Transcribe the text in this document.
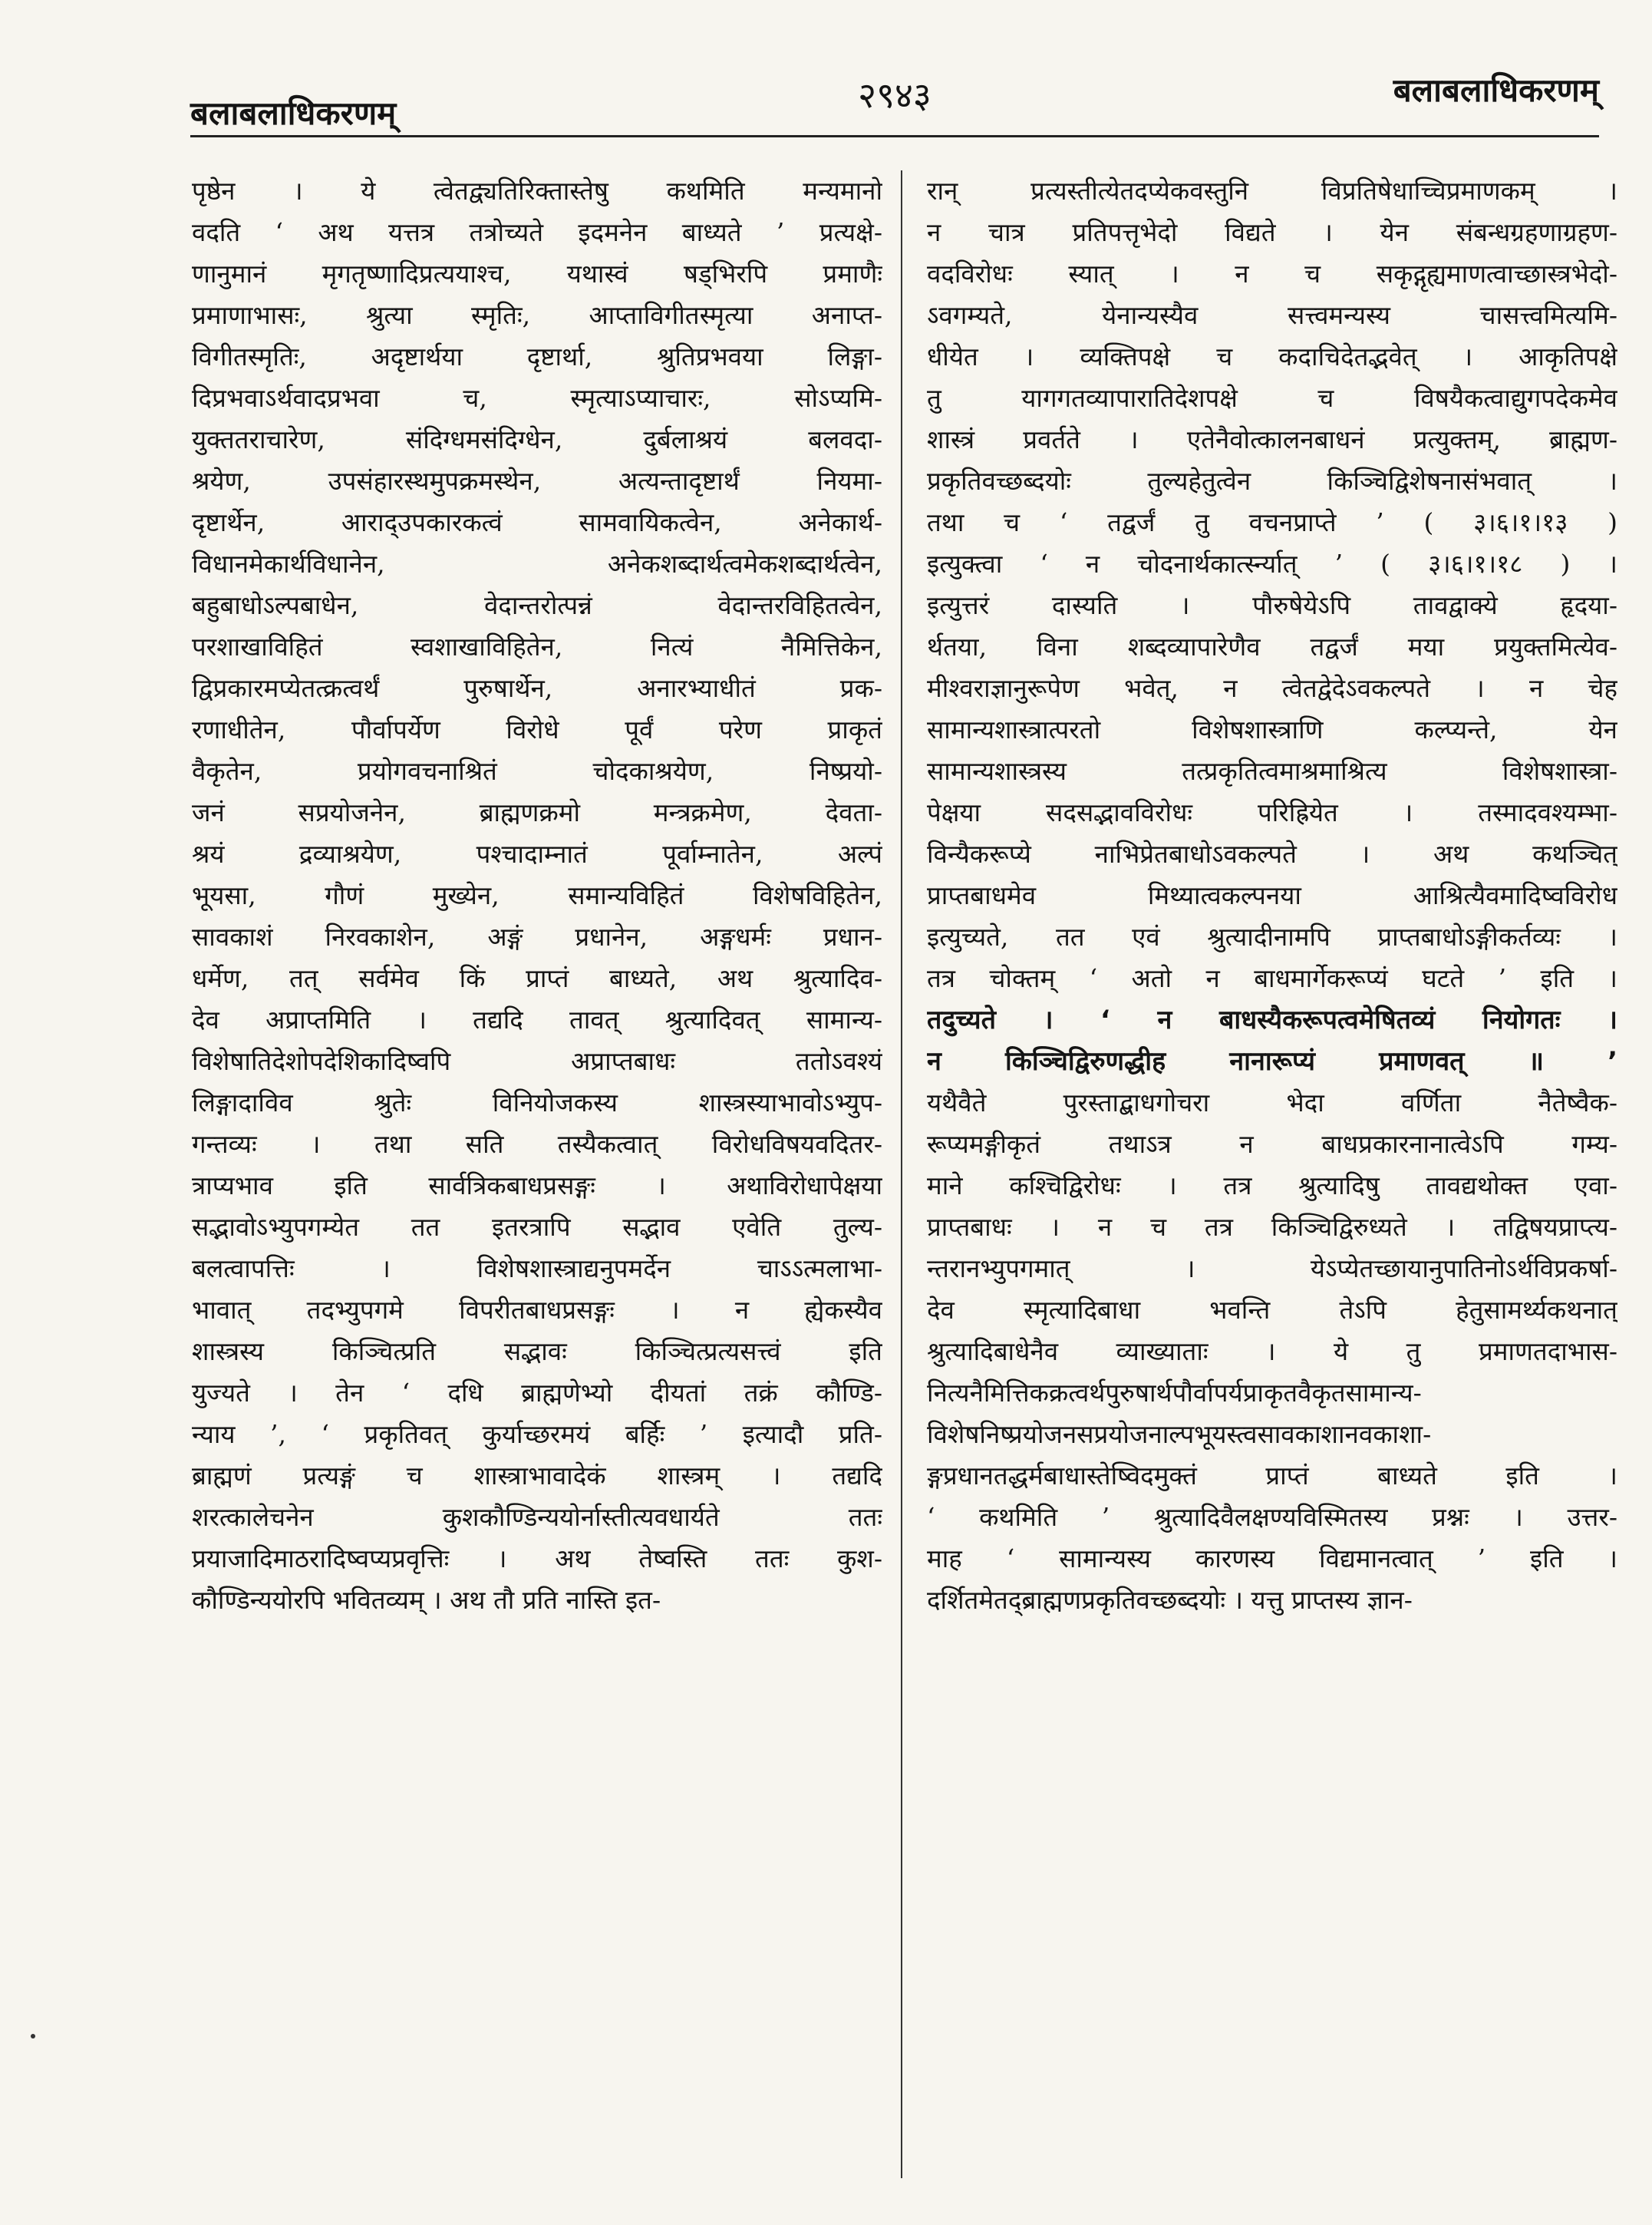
बलाबलाधिकरणम्	२९४३	बलाबलाधिकरणम्
पृष्ठेन । ये त्वेतद्व्यतिरिक्तास्तेषु कथमिति मन्यमानो
वदति ‘ अथ यत्तत्र तत्रोच्यते इदमनेन बाध्यते ’ प्रत्यक्षे-
णानुमानं मृगतृष्णादिप्रत्ययाश्च, यथास्वं षड्भिरपि प्रमाणैः
प्रमाणाभासः, श्रुत्या स्मृतिः, आप्ताविगीतस्मृत्या अनाप्त-
विगीतस्मृतिः, अदृष्टार्थया दृष्टार्था, श्रुतिप्रभवया लिङ्गा-
दिप्रभवाऽर्थवादप्रभवा च, स्मृत्याऽप्याचारः, सोऽप्यमि-
युक्ततराचारेण, संदिग्धमसंदिग्धेन, दुर्बलाश्रयं बलवदा-
श्रयेण, उपसंहारस्थमुपक्रमस्थेन, अत्यन्तादृष्टार्थं नियमा-
दृष्टार्थेन, आराद्उपकारकत्वं सामवायिकत्वेन, अनेकार्थ-
विधानमेकार्थविधानेन, अनेकशब्दार्थत्वमेकशब्दार्थत्वेन,
बहुबाधोऽल्पबाधेन, वेदान्तरोत्पन्नं वेदान्तरविहितत्वेन,
परशाखाविहितं स्वशाखाविहितेन, नित्यं नैमित्तिकेन,
द्विप्रकारमप्येतत्क्रत्वर्थं पुरुषार्थेन, अनारभ्याधीतं प्रक-
रणाधीतेन, पौर्वापर्येण विरोधे पूर्वं परेण प्राकृतं
वैकृतेन, प्रयोगवचनाश्रितं चोदकाश्रयेण, निष्प्रयो-
जनं सप्रयोजनेन, ब्राह्मणक्रमो मन्त्रक्रमेण, देवता-
श्रयं द्रव्याश्रयेण, पश्चादाम्नातं पूर्वाम्नातेन, अल्पं
भूयसा, गौणं मुख्येन, समान्यविहितं विशेषविहितेन,
सावकाशं निरवकाशेन, अङ्गं प्रधानेन, अङ्गधर्मः प्रधान-
धर्मेण, तत् सर्वमेव किं प्राप्तं बाध्यते, अथ श्रुत्यादिव-
देव अप्राप्तमिति । तद्यदि तावत् श्रुत्यादिवत् सामान्य-
विशेषातिदेशोपदेशिकादिष्वपि अप्राप्तबाधः ततोऽवश्यं
लिङ्गादाविव श्रुतेः विनियोजकस्य शास्त्रस्याभावोऽभ्युप-
गन्तव्यः । तथा सति तस्यैकत्वात् विरोधविषयवदितर-
त्राप्यभाव इति सार्वत्रिकबाधप्रसङ्गः । अथाविरोधापेक्षया
सद्भावोऽभ्युपगम्येत तत इतरत्रापि सद्भाव एवेति तुल्य-
बलत्वापत्तिः । विशेषशास्त्राद्यनुपमर्देन चाऽऽत्मलाभा-
भावात् तदभ्युपगमे विपरीतबाधप्रसङ्गः । न ह्येकस्यैव
शास्त्रस्य किञ्चित्प्रति सद्भावः किञ्चित्प्रत्यसत्त्वं इति
युज्यते । तेन ‘ दधि ब्राह्मणेभ्यो दीयतां तक्रं कौण्डि-
न्याय ’, ‘ प्रकृतिवत् कुर्याच्छरमयं बर्हिः ’ इत्यादौ प्रति-
ब्राह्मणं प्रत्यङ्गं च शास्त्राभावादेकं शास्त्रम् । तद्यदि
शरत्कालेचनेन कुशकौण्डिन्ययोर्नास्तीत्यवधार्यते ततः
प्रयाजादिमाठरादिष्वप्यप्रवृत्तिः । अथ तेष्वस्ति ततः कुश-
कौण्डिन्ययोरपि भवितव्यम् । अथ तौ प्रति नास्ति इत-
रान् प्रत्यस्तीत्येतदप्येकवस्तुनि विप्रतिषेधाच्चिप्रमाणकम् ।
न चात्र प्रतिपत्तृभेदो विद्यते । येन संबन्धग्रहणाग्रहण-
वदविरोधः स्यात् । न च सकृद्गृह्यमाणत्वाच्छास्त्रभेदो-
ऽवगम्यते, येनान्यस्यैव सत्त्वमन्यस्य चासत्त्वमित्यमि-
धीयेत । व्यक्तिपक्षे च कदाचिदेतद्भवेत् । आकृतिपक्षे
तु यागगतव्यापारातिदेशपक्षे च विषयैकत्वाद्युगपदेकमेव
शास्त्रं प्रवर्तते । एतेनैवोत्कालनबाधनं प्रत्युक्तम्, ब्राह्मण-
प्रकृतिवच्छब्दयोः तुल्यहेतुत्वेन किञ्चिद्विशेषनासंभवात् ।
तथा च ‘ तद्वर्जं तु वचनप्राप्ते ’ ( ३।६।१।१३ )
इत्युक्त्वा ‘ न चोदनार्थकार्त्स्न्यात् ’ ( ३।६।१।१८ ) ।
इत्युत्तरं दास्यति । पौरुषेयेऽपि तावद्वाक्ये हृदया-
र्थतया, विना शब्दव्यापारेणैव तद्वर्जं मया प्रयुक्तमित्येव-
मीश्वराज्ञानुरूपेण भवेत्, न त्वेतद्वेदेऽवकल्पते । न चेह
सामान्यशास्त्रात्परतो विशेषशास्त्राणि कल्प्यन्ते, येन
सामान्यशास्त्रस्य तत्प्रकृतित्वमाश्रमाश्रित्य विशेषशास्त्रा-
पेक्षया सदसद्भावविरोधः परिह्रियेत । तस्मादवश्यम्भा-
विन्यैकरूप्ये नाभिप्रेतबाधोऽवकल्पते । अथ कथञ्चित्
प्राप्तबाधमेव मिथ्यात्वकल्पनया आश्रित्यैवमादिष्वविरोध
इत्युच्यते, तत एवं श्रुत्यादीनामपि प्राप्तबाधोऽङ्गीकर्तव्यः ।
तत्र चोक्तम् ‘ अतो न बाधमार्गेकरूप्यं घटते ’ इति ।
तदुच्यते । ‘ न बाधस्यैकरूपत्वमेषितव्यं नियोगतः ।
न किञ्चिद्विरुणद्धीह नानारूप्यं प्रमाणवत् ॥ ’
यथैवैते पुरस्ताद्बाधगोचरा भेदा वर्णिता नैतेष्वैक-
रूप्यमङ्गीकृतं तथाऽत्र न बाधप्रकारनानात्वेऽपि गम्य-
माने कश्चिद्विरोधः । तत्र श्रुत्यादिषु तावद्यथोक्त एवा-
प्राप्तबाधः । न च तत्र किञ्चिद्विरुध्यते । तद्विषयप्राप्त्य-
न्तरानभ्युपगमात् । येऽप्येतच्छायानुपातिनोऽर्थविप्रकर्षा-
देव स्मृत्यादिबाधा भवन्ति तेऽपि हेतुसामर्थ्यकथनात्
श्रुत्यादिबाधेनैव व्याख्याताः । ये तु प्रमाणतदाभास-
नित्यनैमित्तिकक्रत्वर्थपुरुषार्थपौर्वापर्यप्राकृतवैकृतसामान्य-
विशेषनिष्प्रयोजनसप्रयोजनाल्पभूयस्त्वसावकाशानवकाशा-
ङ्गप्रधानतद्धर्मबाधास्तेष्विदमुक्तं प्राप्तं बाध्यते इति ।
‘ कथमिति ’ श्रुत्यादिवैलक्षण्यविस्मितस्य प्रश्नः । उत्तर-
माह ‘ सामान्यस्य कारणस्य विद्यमानत्वात् ’ इति ।
दर्शितमेतद्ब्राह्मणप्रकृतिवच्छब्दयोः । यत्तु प्राप्तस्य ज्ञान-
